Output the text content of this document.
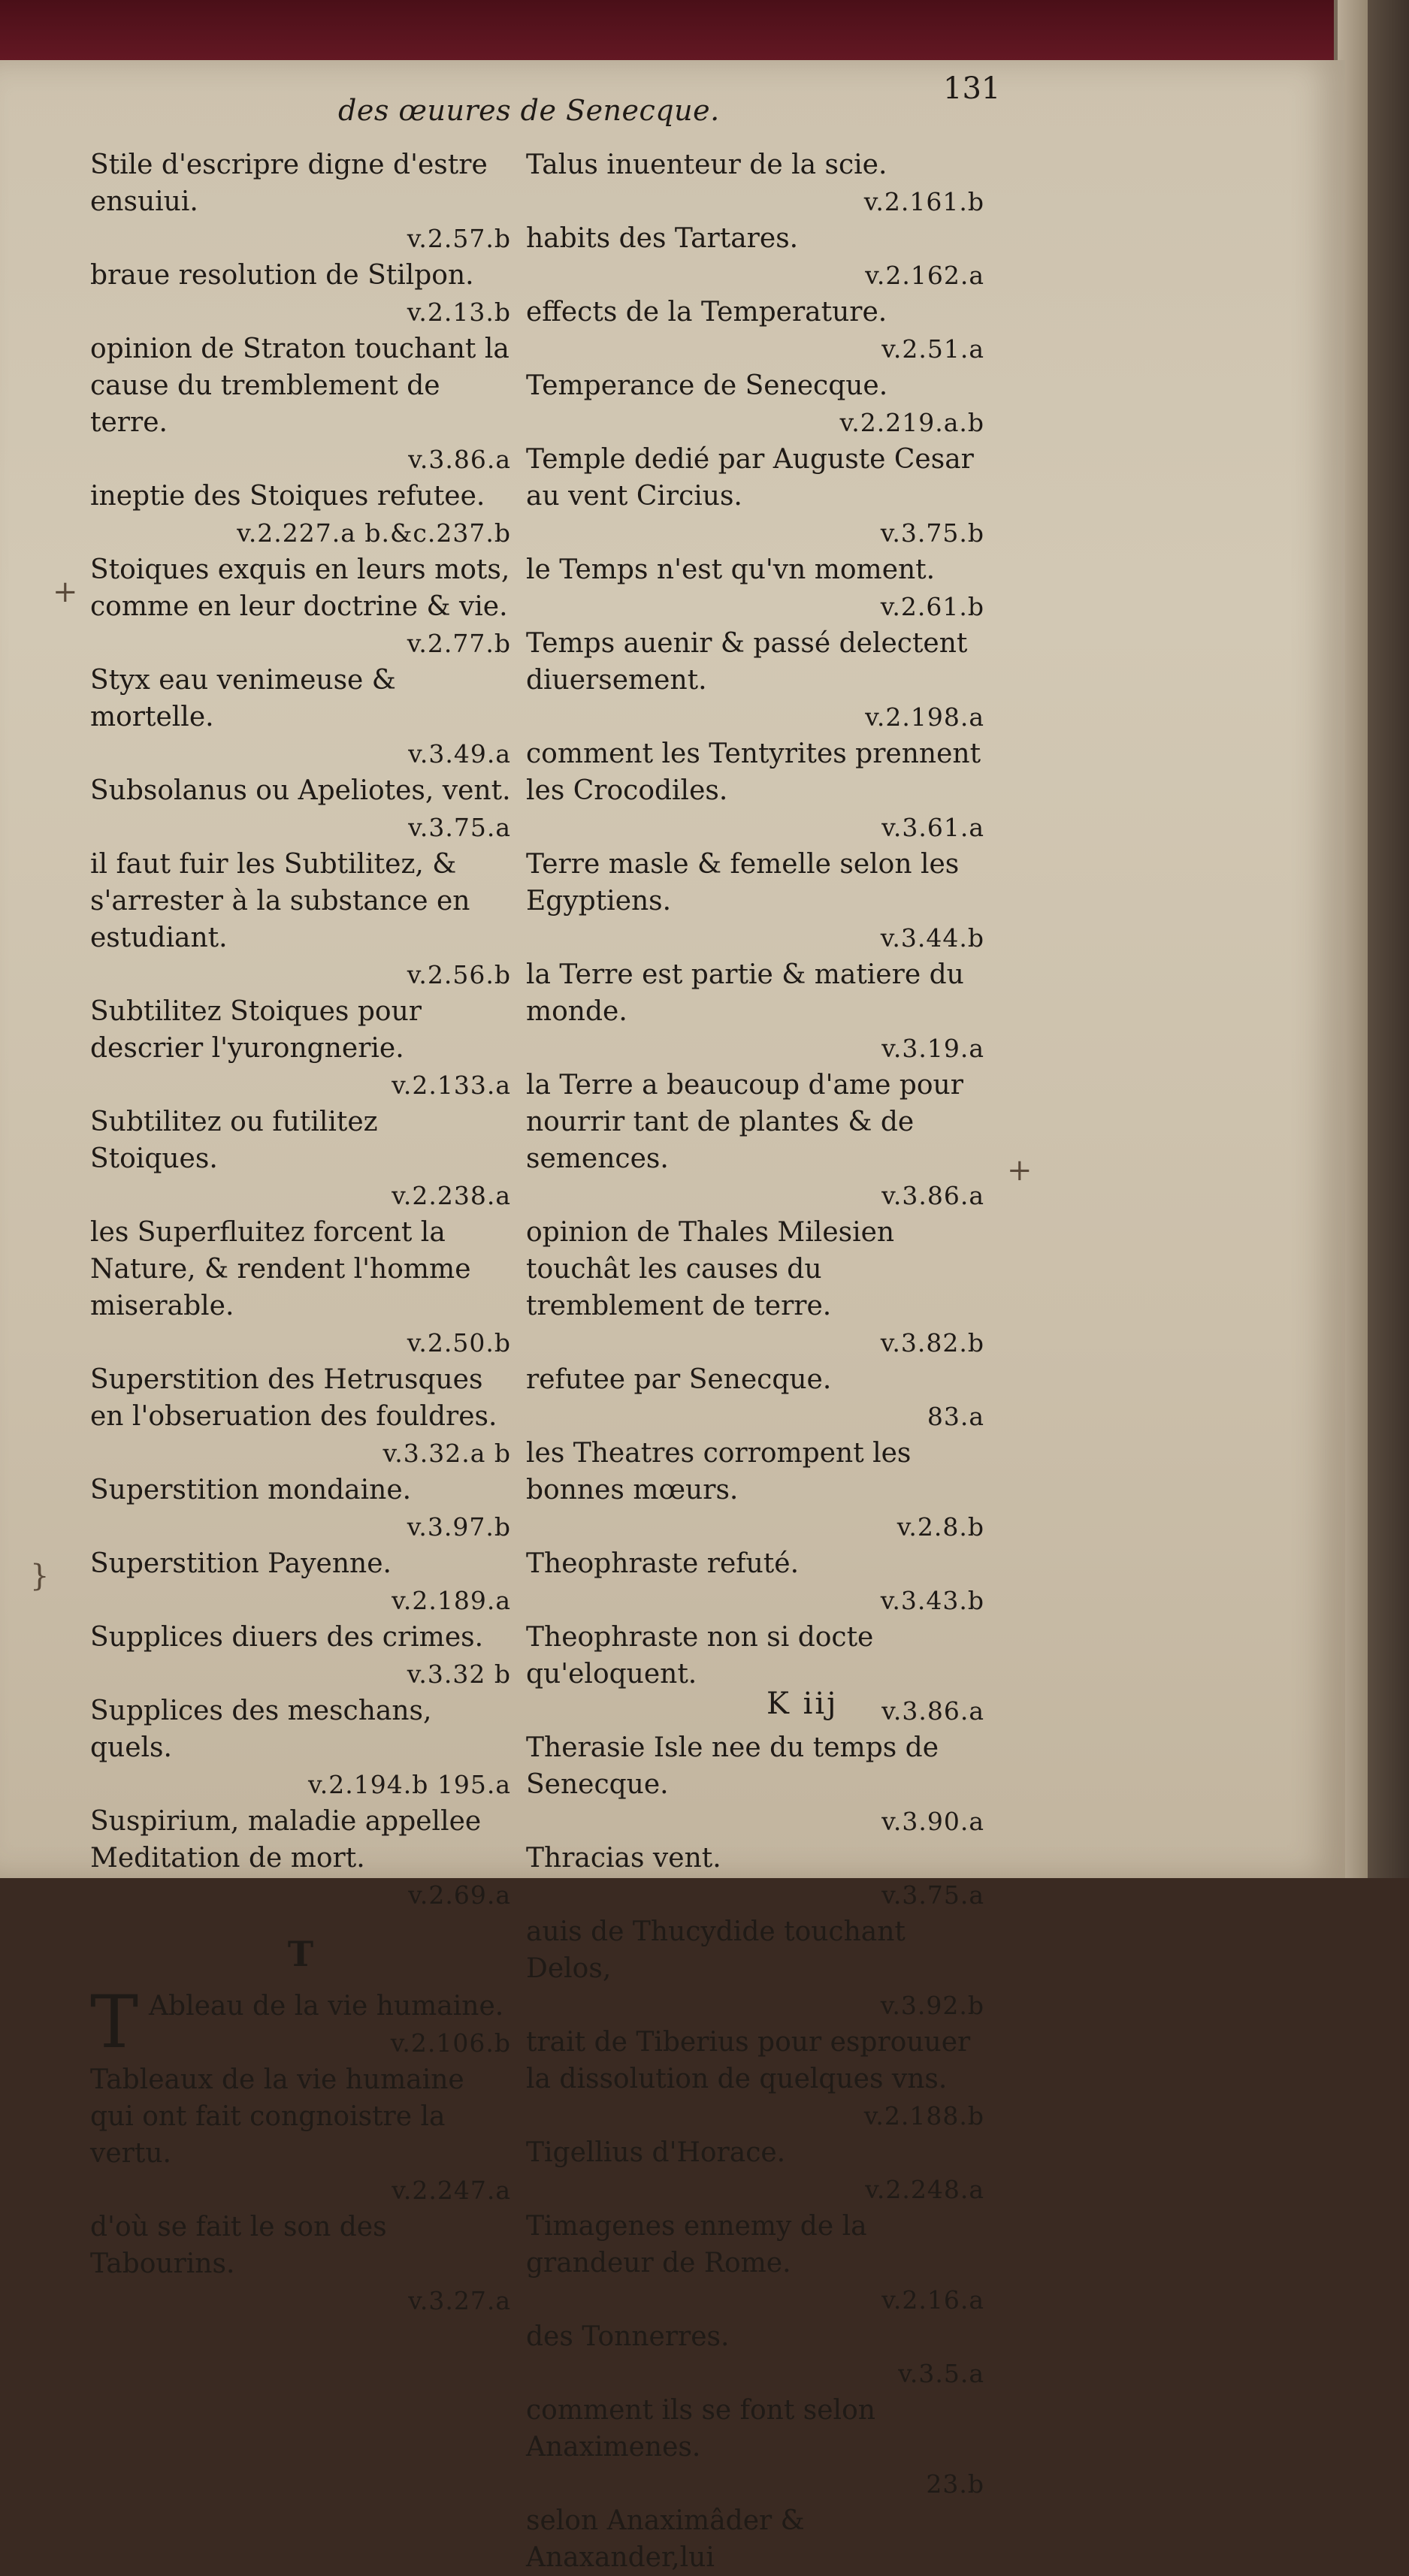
des œuures de Senecque.
131
Stile d'escripre digne d'estre ensuiui.
v.2.57.b
braue resolution de Stilpon.
v.2.13.b
opinion de Straton touchant la cause du tremblement de terre.
v.3.86.a
ineptie des Stoiques refutee.
v.2.227.a b.&c.237.b
Stoiques exquis en leurs mots, comme en leur doctrine & vie.
v.2.77.b
Styx eau venimeuse & mortelle.
v.3.49.a
Subsolanus ou Apeliotes, vent.
v.3.75.a
il faut fuir les Subtilitez, & s'arrester à la substance en estudiant.
v.2.56.b
Subtilitez Stoiques pour descrier l'yurongnerie.
v.2.133.a
Subtilitez ou futilitez Stoiques.
v.2.238.a
les Superfluitez forcent la Nature, & rendent l'homme miserable.
v.2.50.b
Superstition des Hetrusques en l'obseruation des fouldres.
v.3.32.a b
Superstition mondaine.
v.3.97.b
Superstition Payenne.
v.2.189.a
Supplices diuers des crimes.
v.3.32 b
Supplices des meschans, quels.
v.2.194.b 195.a
Suspirium, maladie appellee Meditation de mort.
v.2.69.a
T
T Ableau de la vie humaine.
v.2.106.b
Tableaux de la vie humaine qui ont fait congnoistre la vertu.
v.2.247.a
d'où se fait le son des Tabourins.
v.3.27.a
Talus inuenteur de la scie.
v.2.161.b
habits des Tartares.
v.2.162.a
effects de la Temperature.
v.2.51.a
Temperance de Senecque.
v.2.219.a.b
Temple dedié par Auguste Cesar au vent Circius.
v.3.75.b
le Temps n'est qu'vn moment.
v.2.61.b
Temps auenir & passé delectent diuersement.
v.2.198.a
comment les Tentyrites prennent les Crocodiles.
v.3.61.a
Terre masle & femelle selon les Egyptiens.
v.3.44.b
la Terre est partie & matiere du monde.
v.3.19.a
la Terre a beaucoup d'ame pour nourrir tant de plantes & de semences.
v.3.86.a
opinion de Thales Milesien touchât les causes du tremblement de terre.
v.3.82.b
refutee par Senecque.
83.a
les Theatres corrompent les bonnes mœurs.
v.2.8.b
Theophraste refuté.
v.3.43.b
Theophraste non si docte qu'eloquent.
v.3.86.a
Therasie Isle nee du temps de Senecque.
v.3.90.a
Thracias vent.
v.3.75.a
auis de Thucydide touchant Delos,
v.3.92.b
trait de Tiberius pour esprouuer la dissolution de quelques vns.
v.2.188.b
Tigellius d'Horace.
v.2.248.a
Timagenes ennemy de la grandeur de Rome.
v.2.16.a
des Tonnerres.
v.3.5.a
comment ils se font selon Anaximenes.
23.b
selon Anaximâder & Anaxander,lui
K iij
+
+
}
